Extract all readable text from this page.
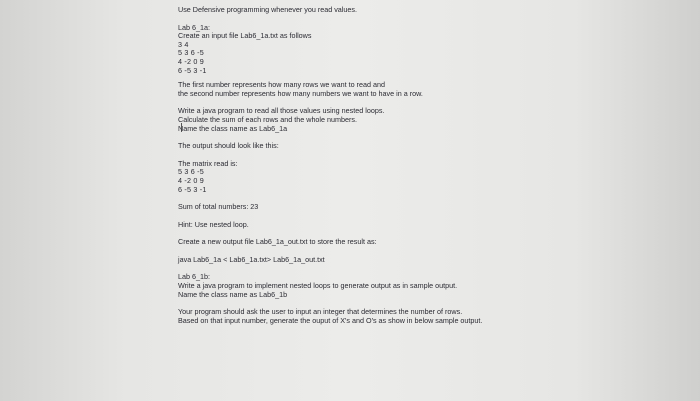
Use Defensive programming whenever you read values.
Lab 6_1a:
Create an input file Lab6_1a.txt as follows
3 4
5 3 6 -5
4 -2 0 9
6 -5 3 -1
The first number represents how many rows we want to read and
the second number represents how many numbers we want to have in a row.
Write a java program to read all those values using nested loops.
Calculate the sum of each rows and the whole numbers.
Name the class name as Lab6_1a
The output should look like this:
The matrix read is:
5 3 6 -5
4 -2 0 9
6 -5 3 -1
Sum of total numbers: 23
Hint: Use nested loop.
Create a new output file Lab6_1a_out.txt to store the result as:
java Lab6_1a < Lab6_1a.txt> Lab6_1a_out.txt
Lab 6_1b:
Write a java program to implement nested loops to generate output as in sample output.
Name the class name as Lab6_1b
Your program should ask the user to input an integer that determines the number of rows.
Based on that input number, generate the ouput of X's and O's as show in below sample output.
